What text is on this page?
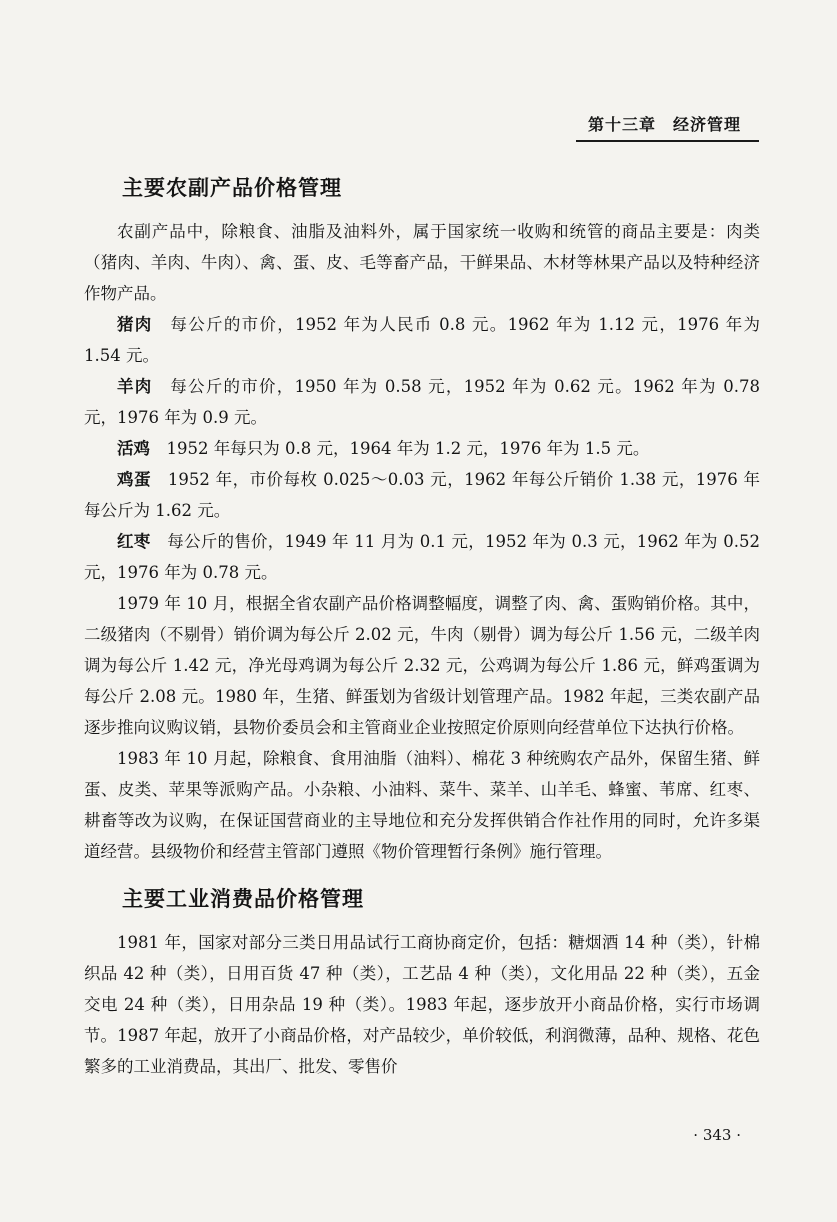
第十三章　经济管理
主要农副产品价格管理

农副产品中，除粮食、油脂及油料外，属于国家统一收购和统管的商品主要是：肉类（猪肉、羊肉、牛肉）、禽、蛋、皮、毛等畜产品，干鲜果品、木材等林果产品以及特种经济作物产品。

猪肉　 每公斤的市价，1952 年为人民币 0.8 元。1962 年为 1.12 元，1976 年为 1.54 元。

羊肉　 每公斤的市价，1950 年为 0.58 元，1952 年为 0.62 元。1962 年为 0.78 元，1976 年为 0.9 元。

活鸡　 1952 年每只为 0.8 元，1964 年为 1.2 元，1976 年为 1.5 元。

鸡蛋　 1952 年，市价每枚 0.025～0.03 元，1962 年每公斤销价 1.38 元，1976 年每公斤为 1.62 元。

红枣　 每公斤的售价，1949 年 11 月为 0.1 元，1952 年为 0.3 元，1962 年为 0.52 元，1976 年为 0.78 元。

1979 年 10 月，根据全省农副产品价格调整幅度，调整了肉、禽、蛋购销价格。其中，二级猪肉（不剔骨）销价调为每公斤 2.02 元，牛肉（剔骨）调为每公斤 1.56 元，二级羊肉调为每公斤 1.42 元，净光母鸡调为每公斤 2.32 元，公鸡调为每公斤 1.86 元，鲜鸡蛋调为每公斤 2.08 元。1980 年，生猪、鲜蛋划为省级计划管理产品。1982 年起，三类农副产品逐步推向议购议销，县物价委员会和主管商业企业按照定价原则向经营单位下达执行价格。

1983 年 10 月起，除粮食、食用油脂（油料）、棉花 3 种统购农产品外，保留生猪、鲜蛋、皮类、苹果等派购产品。小杂粮、小油料、菜牛、菜羊、山羊毛、蜂蜜、苇席、红枣、耕畜等改为议购，在保证国营商业的主导地位和充分发挥供销合作社作用的同时，允许多渠道经营。县级物价和经营主管部门遵照《物价管理暂行条例》施行管理。

主要工业消费品价格管理

1981 年，国家对部分三类日用品试行工商协商定价，包括：糖烟酒 14 种（类），针棉织品 42 种（类），日用百货 47 种（类），工艺品 4 种（类），文化用品 22 种（类），五金交电 24 种（类），日用杂品 19 种（类）。1983 年起，逐步放开小商品价格，实行市场调节。1987 年起，放开了小商品价格，对产品较少，单价较低，利润微薄，品种、规格、花色繁多的工业消费品，其出厂、批发、零售价

· 343 ·
